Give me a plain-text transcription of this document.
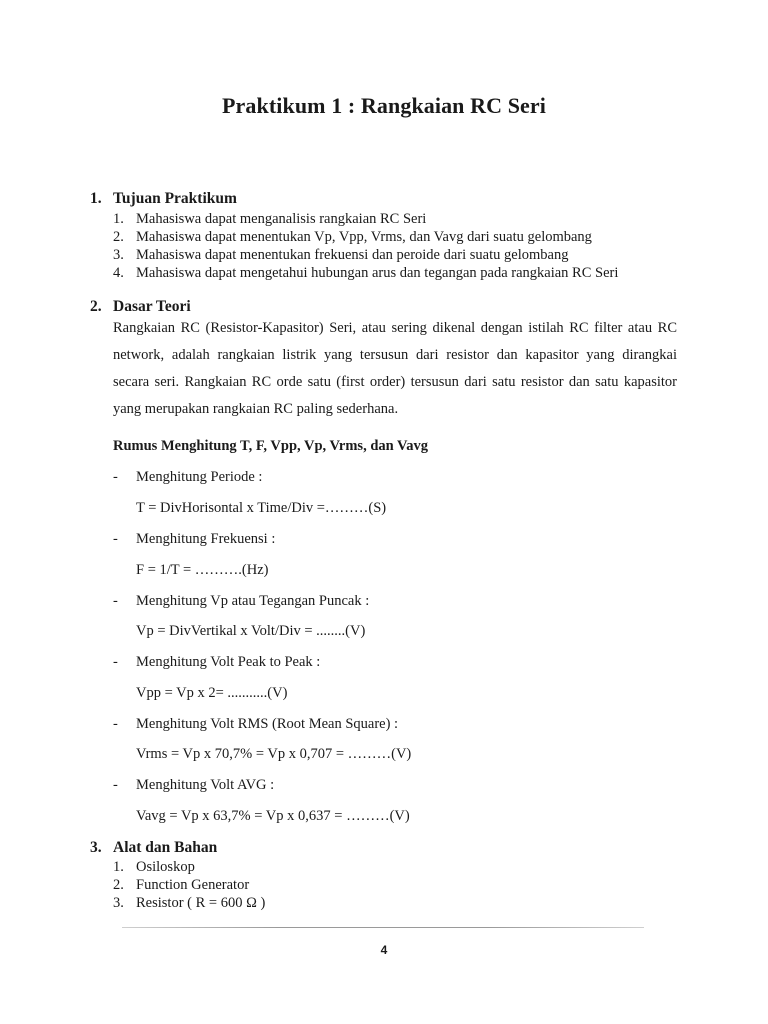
Praktikum 1 : Rangkaian RC Seri
1. Tujuan Praktikum
1. Mahasiswa dapat menganalisis rangkaian RC Seri
2. Mahasiswa dapat menentukan Vp, Vpp, Vrms, dan Vavg dari suatu gelombang
3. Mahasiswa dapat menentukan frekuensi dan peroide dari suatu gelombang
4. Mahasiswa dapat mengetahui hubungan arus dan tegangan pada rangkaian RC Seri
2. Dasar Teori
Rangkaian RC (Resistor-Kapasitor) Seri, atau sering dikenal dengan istilah RC filter atau RC
network, adalah rangkaian listrik yang tersusun dari resistor dan kapasitor yang dirangkai
secara seri. Rangkaian RC orde satu (first order) tersusun dari satu resistor dan satu kapasitor
yang merupakan rangkaian RC paling sederhana.
Rumus Menghitung T, F, Vpp, Vp, Vrms, dan Vavg
- Menghitung Periode :
T = DivHorisontal x Time/Div =………(S)
- Menghitung Frekuensi :
F = 1/T = ……….(Hz)
- Menghitung Vp atau Tegangan Puncak :
Vp = DivVertikal x Volt/Div = ........(V)
- Menghitung Volt Peak to Peak :
Vpp = Vp x 2= ...........(V)
- Menghitung Volt RMS (Root Mean Square) :
Vrms = Vp x 70,7% = Vp x 0,707 = ………(V)
- Menghitung Volt AVG :
Vavg = Vp x 63,7% = Vp x 0,637 = ………(V)
3. Alat dan Bahan
1. Osiloskop
2. Function Generator
3. Resistor ( R = 600 Ω )
4
